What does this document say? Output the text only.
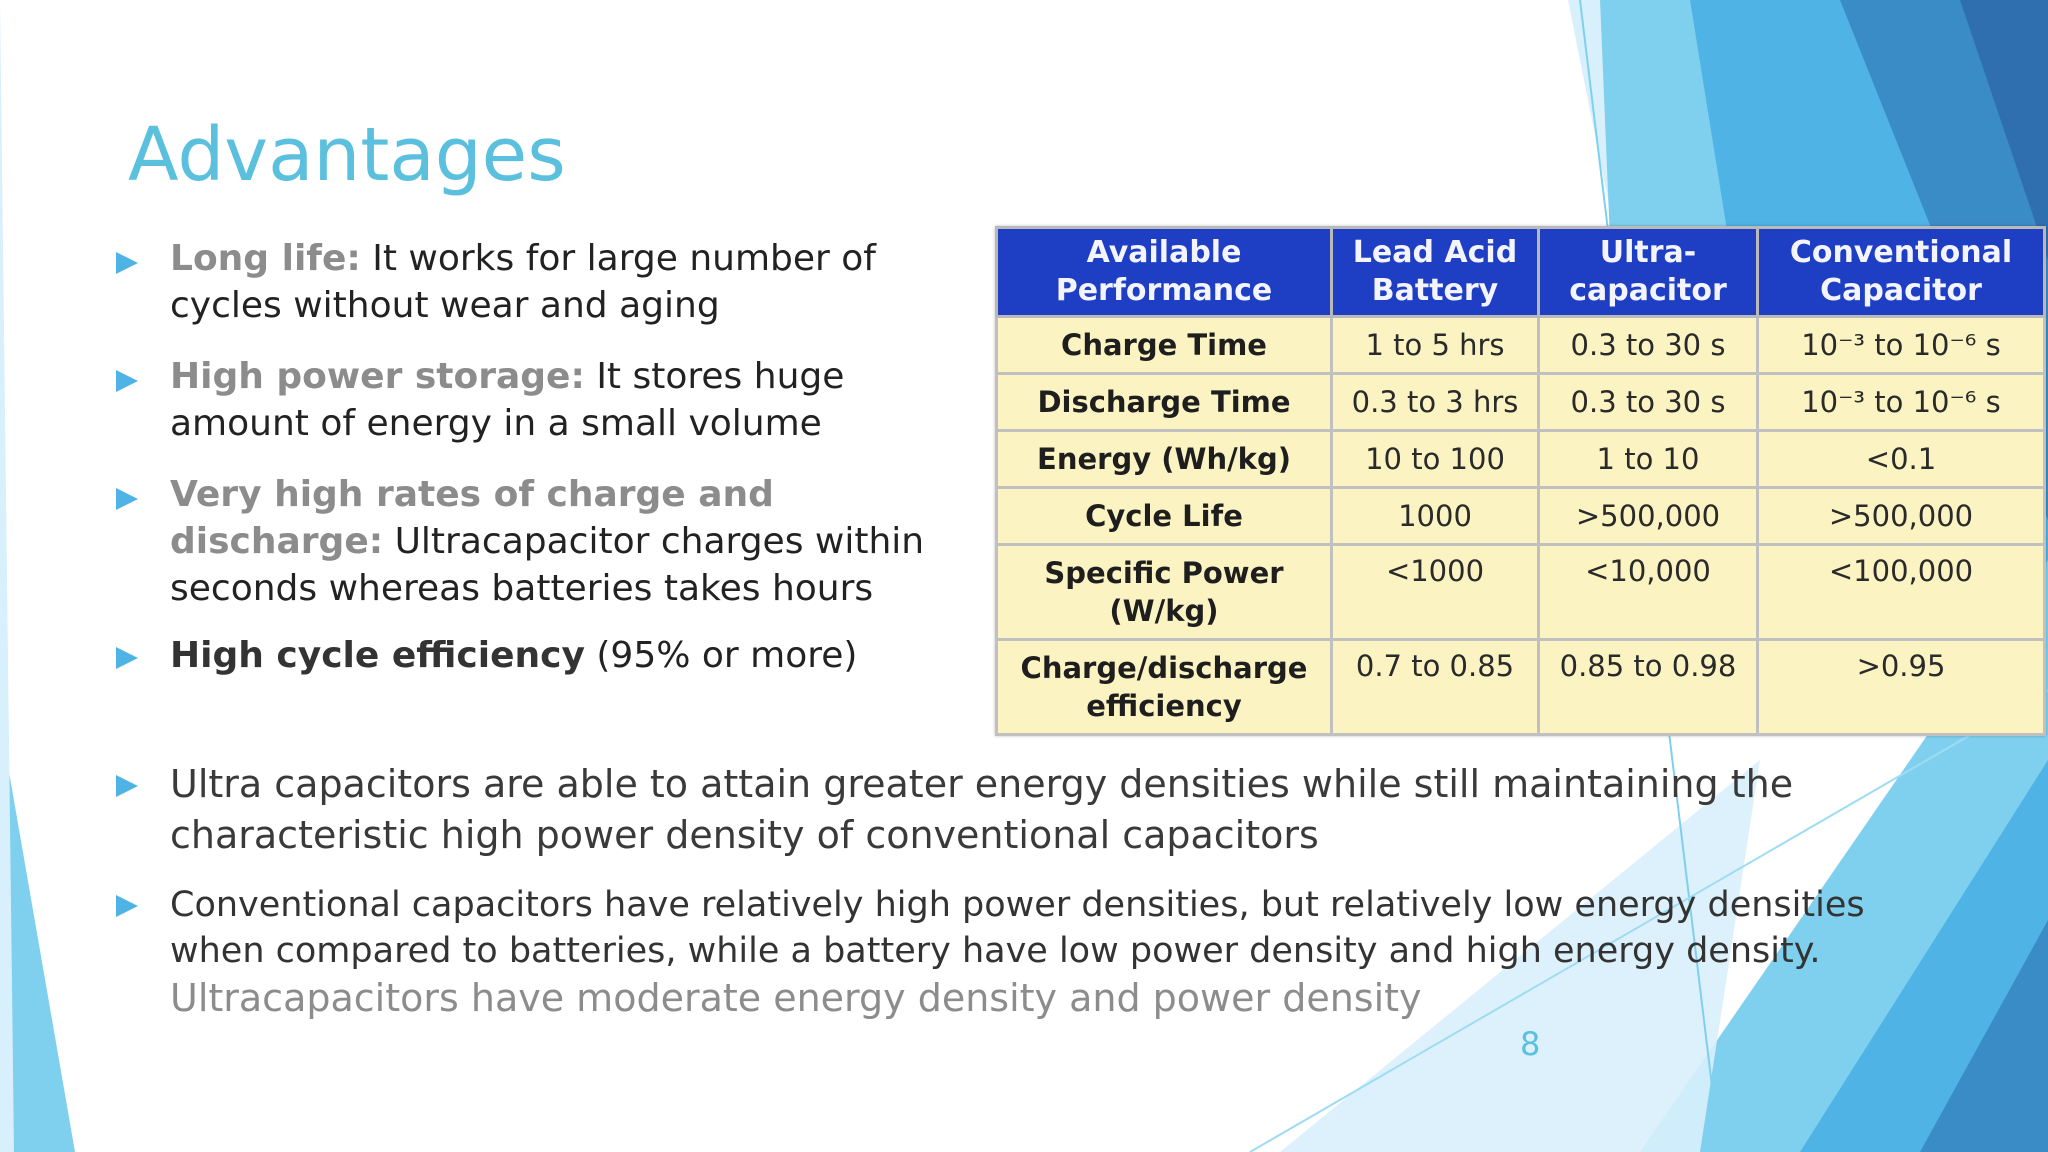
Advantages
Long life: It works for large number of cycles without wear and aging
High power storage: It stores huge amount of energy in a small volume
Very high rates of charge and discharge: Ultracapacitor charges within seconds whereas batteries takes hours
High cycle efficiency (95% or more)
Available Performance	Lead Acid Battery	Ultra-capacitor	Conventional Capacitor
Charge Time	1 to 5 hrs	0.3 to 30 s	10⁻³ to 10⁻⁶ s
Discharge Time	0.3 to 3 hrs	0.3 to 30 s	10⁻³ to 10⁻⁶ s
Energy (Wh/kg)	10 to 100	1 to 10	<0.1
Cycle Life	1000	>500,000	>500,000
Specific Power (W/kg)	<1000	<10,000	<100,000
Charge/discharge efficiency	0.7 to 0.85	0.85 to 0.98	>0.95
Ultra capacitors are able to attain greater energy densities while still maintaining the characteristic high power density of conventional capacitors
Conventional capacitors have relatively high power densities, but relatively low energy densities when compared to batteries, while a battery have low power density and high energy density.
Ultracapacitors have moderate energy density and power density
8
